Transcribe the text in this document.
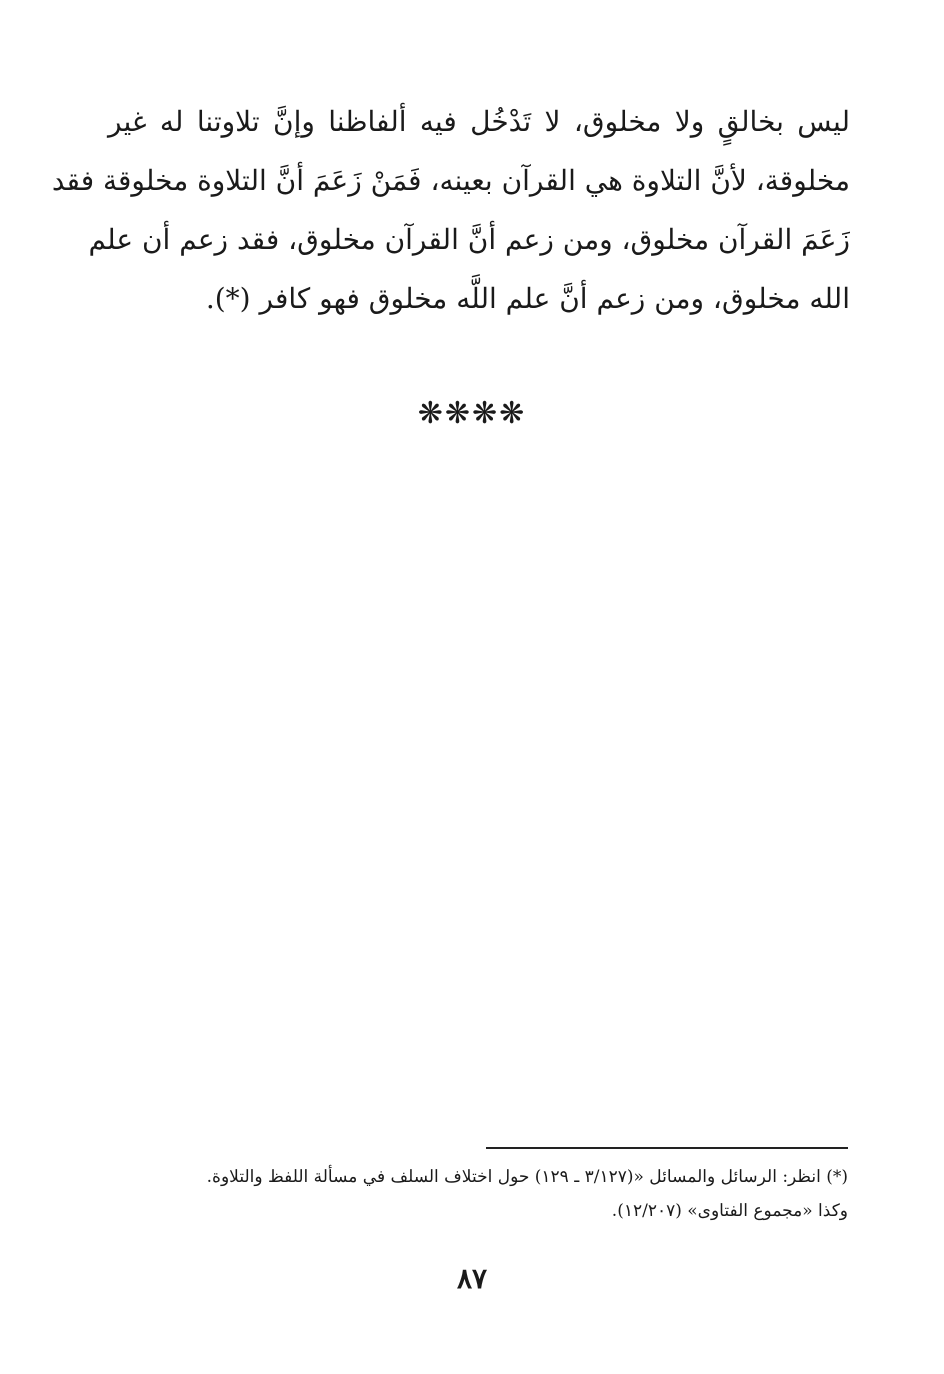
ليس بخالقٍ ولا مخلوق، لا تَدْخُل فيه ألفاظنا وإنَّ تلاوتنا له غير
مخلوقة، لأنَّ التلاوة هي القرآن بعينه، فَمَنْ زَعَمَ أنَّ التلاوة مخلوقة فقد
زَعَمَ القرآن مخلوق، ومن زعم أنَّ القرآن مخلوق، فقد زعم أن علم
الله مخلوق، ومن زعم أنَّ علم اللَّه مخلوق فهو كافر (*).
❋❋❋❋
(*) انظر: الرسائل والمسائل «(٣/١٢٧ ـ ١٢٩) حول اختلاف السلف في مسألة اللفظ والتلاوة.
وكذا «مجموع الفتاوى» (١٢/٢٠٧).
٨٧
